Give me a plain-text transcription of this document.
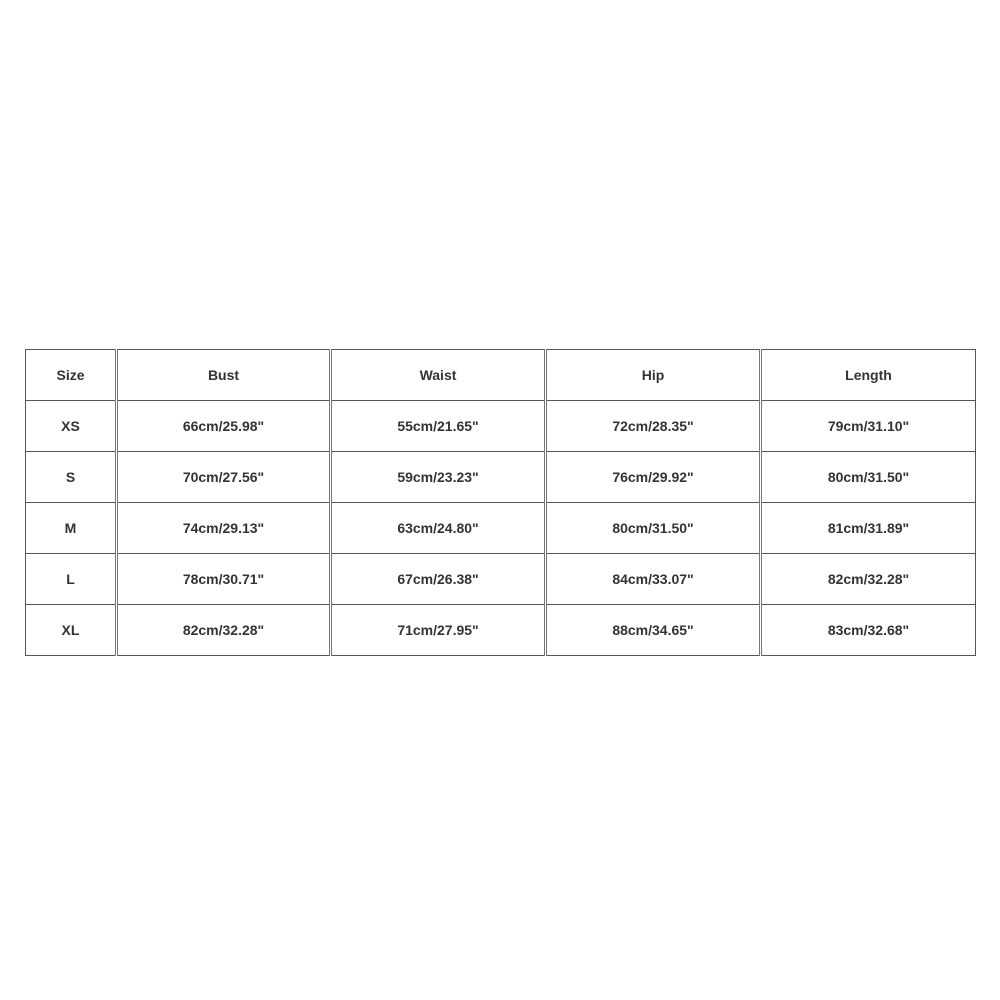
Size	Bust	Waist	Hip	Length
XS	66cm/25.98"	55cm/21.65"	72cm/28.35"	79cm/31.10"
S	70cm/27.56"	59cm/23.23"	76cm/29.92"	80cm/31.50"
M	74cm/29.13"	63cm/24.80"	80cm/31.50"	81cm/31.89"
L	78cm/30.71"	67cm/26.38"	84cm/33.07"	82cm/32.28"
XL	82cm/32.28"	71cm/27.95"	88cm/34.65"	83cm/32.68"
